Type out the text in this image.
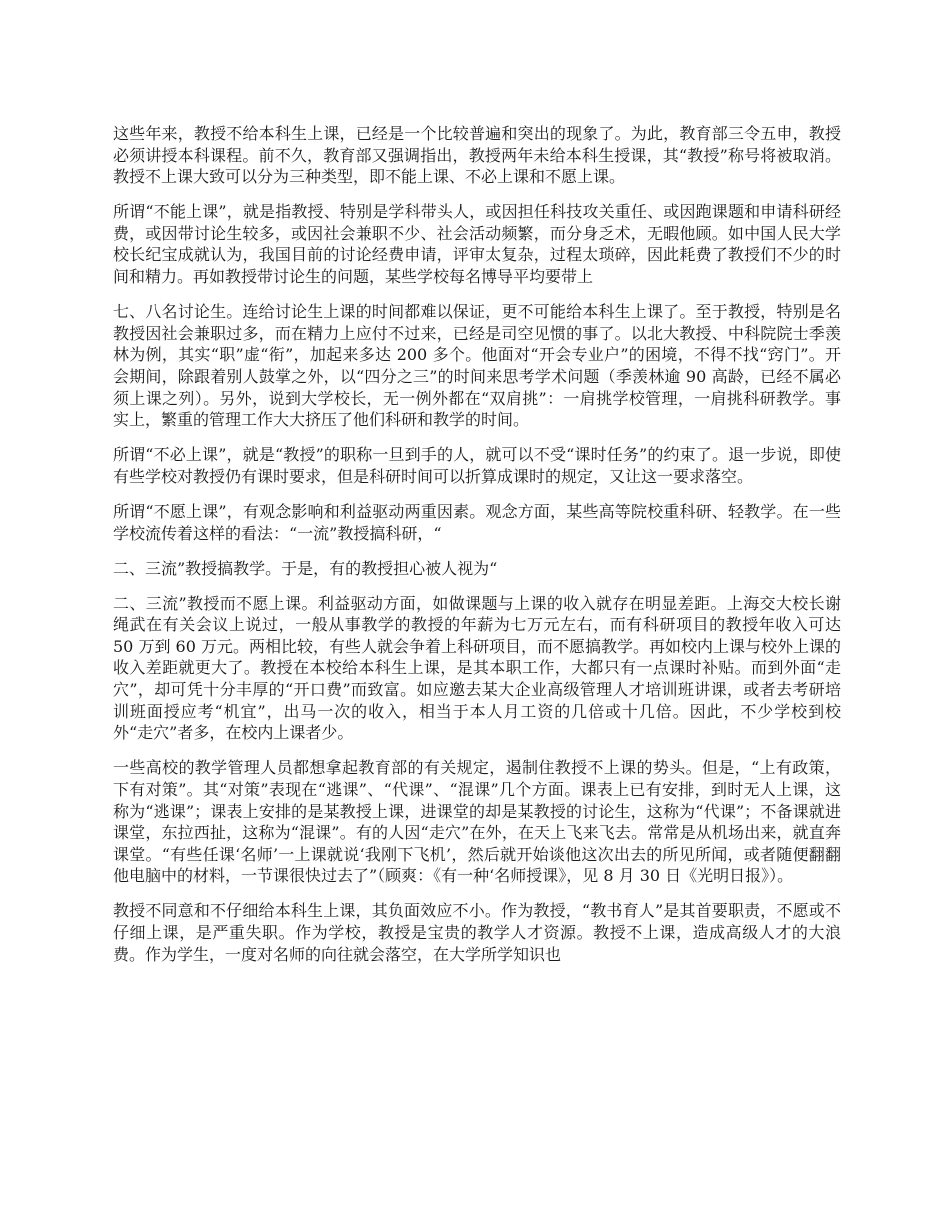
这些年来，教授不给本科生上课，已经是一个比较普遍和突出的现象了。为此，教育部三令五申，教授必须讲授本科课程。前不久，教育部又强调指出，教授两年未给本科生授课，其“教授”称号将被取消。教授不上课大致可以分为三种类型，即不能上课、不必上课和不愿上课。

所谓“不能上课”，就是指教授、特别是学科带头人，或因担任科技攻关重任、或因跑课题和申请科研经费，或因带讨论生较多，或因社会兼职不少、社会活动频繁，而分身乏术，无暇他顾。如中国人民大学校长纪宝成就认为，我国目前的讨论经费申请，评审太复杂，过程太琐碎，因此耗费了教授们不少的时间和精力。再如教授带讨论生的问题，某些学校每名博导平均要带上

七、八名讨论生。连给讨论生上课的时间都难以保证，更不可能给本科生上课了。至于教授，特别是名教授因社会兼职过多，而在精力上应付不过来，已经是司空见惯的事了。以北大教授、中科院院士季羡林为例，其实“职”虚“衔”，加起来多达 200 多个。他面对“开会专业户”的困境，不得不找“窍门”。开会期间，除跟着别人鼓掌之外，以“四分之三”的时间来思考学术问题（季羡林逾 90 高龄，已经不属必须上课之列）。另外，说到大学校长，无一例外都在“双肩挑”：一肩挑学校管理，一肩挑科研教学。事实上，繁重的管理工作大大挤压了他们科研和教学的时间。

所谓“不必上课”，就是“教授”的职称一旦到手的人，就可以不受“课时任务”的约束了。退一步说，即使有些学校对教授仍有课时要求，但是科研时间可以折算成课时的规定，又让这一要求落空。

所谓“不愿上课”，有观念影响和利益驱动两重因素。观念方面，某些高等院校重科研、轻教学。在一些学校流传着这样的看法：“一流”教授搞科研，“

二、三流”教授搞教学。于是，有的教授担心被人视为“

二、三流”教授而不愿上课。利益驱动方面，如做课题与上课的收入就存在明显差距。上海交大校长谢绳武在有关会议上说过，一般从事教学的教授的年薪为七万元左右，而有科研项目的教授年收入可达 50 万到 60 万元。两相比较，有些人就会争着上科研项目，而不愿搞教学。再如校内上课与校外上课的收入差距就更大了。教授在本校给本科生上课，是其本职工作，大都只有一点课时补贴。而到外面“走穴”，却可凭十分丰厚的“开口费”而致富。如应邀去某大企业高级管理人才培训班讲课，或者去考研培训班面授应考“机宜”，出马一次的收入，相当于本人月工资的几倍或十几倍。因此，不少学校到校外“走穴”者多，在校内上课者少。

一些高校的教学管理人员都想拿起教育部的有关规定，遏制住教授不上课的势头。但是，“上有政策，下有对策”。其“对策”表现在“逃课”、“代课”、“混课”几个方面。课表上已有安排，到时无人上课，这称为“逃课”；课表上安排的是某教授上课，进课堂的却是某教授的讨论生，这称为“代课”；不备课就进课堂，东拉西扯，这称为“混课”。有的人因“走穴”在外，在天上飞来飞去。常常是从机场出来，就直奔课堂。“有些任课‘名师’一上课就说‘我刚下飞机’，然后就开始谈他这次出去的所见所闻，或者随便翻翻他电脑中的材料，一节课很快过去了”（顾爽：《有一种‘名师授课》，见 8 月 30 日《光明日报》）。

教授不同意和不仔细给本科生上课，其负面效应不小。作为教授，“教书育人”是其首要职责，不愿或不仔细上课，是严重失职。作为学校，教授是宝贵的教学人才资源。教授不上课，造成高级人才的大浪费。作为学生，一度对名师的向往就会落空，在大学所学知识也
